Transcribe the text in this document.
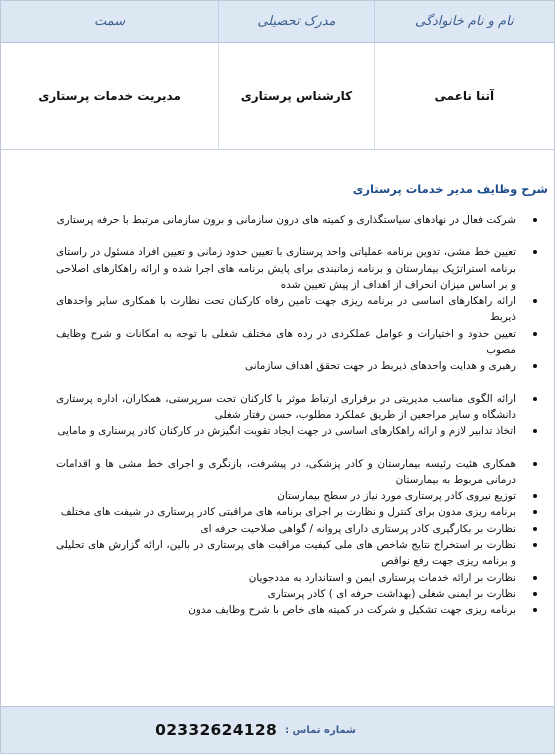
نام و نام خانوادگی
مدرک تحصیلی
سمت
آتنا ناعمی
کارشناس پرستاری
مدیریت خدمات پرستاری

شرح وظایف مدیر خدمات پرستاری

شرکت فعال در نهادهای سیاستگذاری و کمیته های درون سازمانی و برون سازمانی مرتبط با حرفه پرستاری
تعیین خط مشی، تدوین برنامه عملیاتی واحد پرستاری با تعیین حدود زمانی و تعیین افراد مسئول در راستای برنامه استراتژیک بیمارستان و برنامه زمانبندی برای پایش برنامه های اجرا شده و ارائه راهکارهای اصلاحی و بر اساس میزان انحراف از اهداف از پیش تعیین شده
ارائه راهکارهای اساسی در برنامه ریزی جهت تامین رفاه کارکنان تحت نظارت با همکاری سایر واحدهای ذیربط
تعیین حدود و اختیارات و عوامل عملکردی در رده های مختلف شغلی با توجه به امکانات و شرح وظایف مصوب
رهبری و هدایت واحدهای ذیربط در جهت تحقق اهداف سازمانی
ارائه الگوی مناسب مدیریتی در برقراری ارتباط موثر با کارکنان تحت سرپرستی، همکاران، اداره پرستاری دانشگاه و سایر مراجعین از طریق عملکرد مطلوب، حسن رفتار شغلی
اتخاذ تدابیر لازم و ارائه راهکارهای اساسی در جهت ایجاد تقویت انگیزش در کارکنان کادر پرستاری و مامایی
همکاری هئیت رئیسه بیمارستان و کادر پزشکی، در پیشرفت، بازنگری و اجرای خط مشی ها و اقدامات درمانی مربوط به بیمارستان
توزیع نیروی کادر پرستاری مورد نیاز در سطح بیمارستان
برنامه ریزی مدون برای کنترل و نظارت بر اجرای برنامه های مراقبتی کادر پرستاری در شیفت های مختلف
نظارت بر بکارگیری کادر پرستاری دارای پروانه / گواهی صلاحیت حرفه ای
نظارت بر استخراج نتایج شاخص های ملی کیفیت مراقبت های پرستاری در بالین، ارائه گزارش های تحلیلی و برنامه ریزی جهت رفع نواقص
نظارت بر ارائه خدمات پرستاری ایمن و استاندارد به مددجویان
نظارت بر ایمنی شغلی (بهداشت حرفه ای ) کادر پرستاری
برنامه ریزی جهت تشکیل و شرکت در کمیته های خاص با شرح وظایف مدون
شماره تماس :
02332624128
